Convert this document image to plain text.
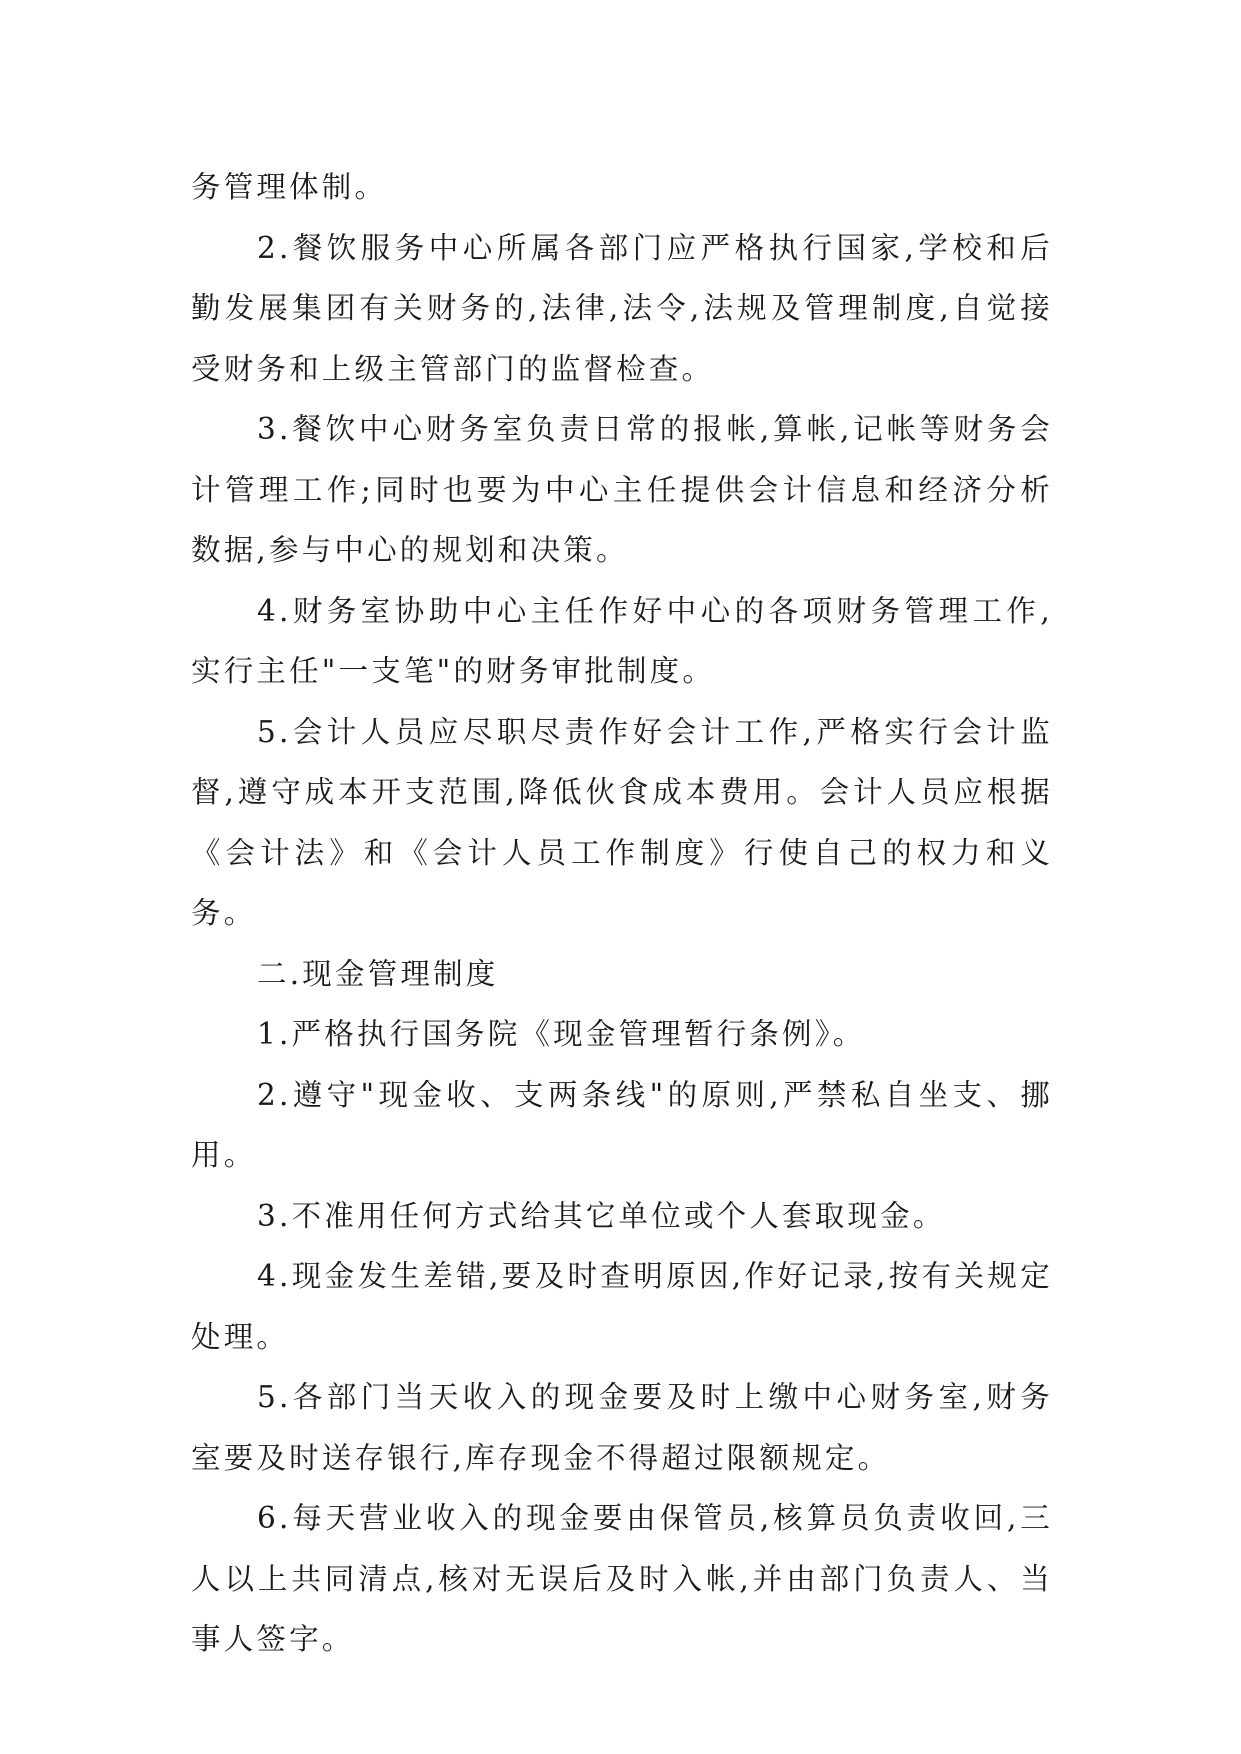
务管理体制。

2.餐饮服务中心所属各部门应严格执行国家,学校和后勤发展集团有关财务的,法律,法令,法规及管理制度,自觉接受财务和上级主管部门的监督检查。

3.餐饮中心财务室负责日常的报帐,算帐,记帐等财务会计管理工作;同时也要为中心主任提供会计信息和经济分析数据,参与中心的规划和决策。

4.财务室协助中心主任作好中心的各项财务管理工作,实行主任"一支笔"的财务审批制度。

5.会计人员应尽职尽责作好会计工作,严格实行会计监督,遵守成本开支范围,降低伙食成本费用。会计人员应根据《会计法》和《会计人员工作制度》行使自己的权力和义务。

二.现金管理制度

1.严格执行国务院《现金管理暂行条例》。

2.遵守"现金收、支两条线"的原则,严禁私自坐支、挪用。

3.不准用任何方式给其它单位或个人套取现金。

4.现金发生差错,要及时查明原因,作好记录,按有关规定处理。

5.各部门当天收入的现金要及时上缴中心财务室,财务室要及时送存银行,库存现金不得超过限额规定。

6.每天营业收入的现金要由保管员,核算员负责收回,三人以上共同清点,核对无误后及时入帐,并由部门负责人、当事人签字。
